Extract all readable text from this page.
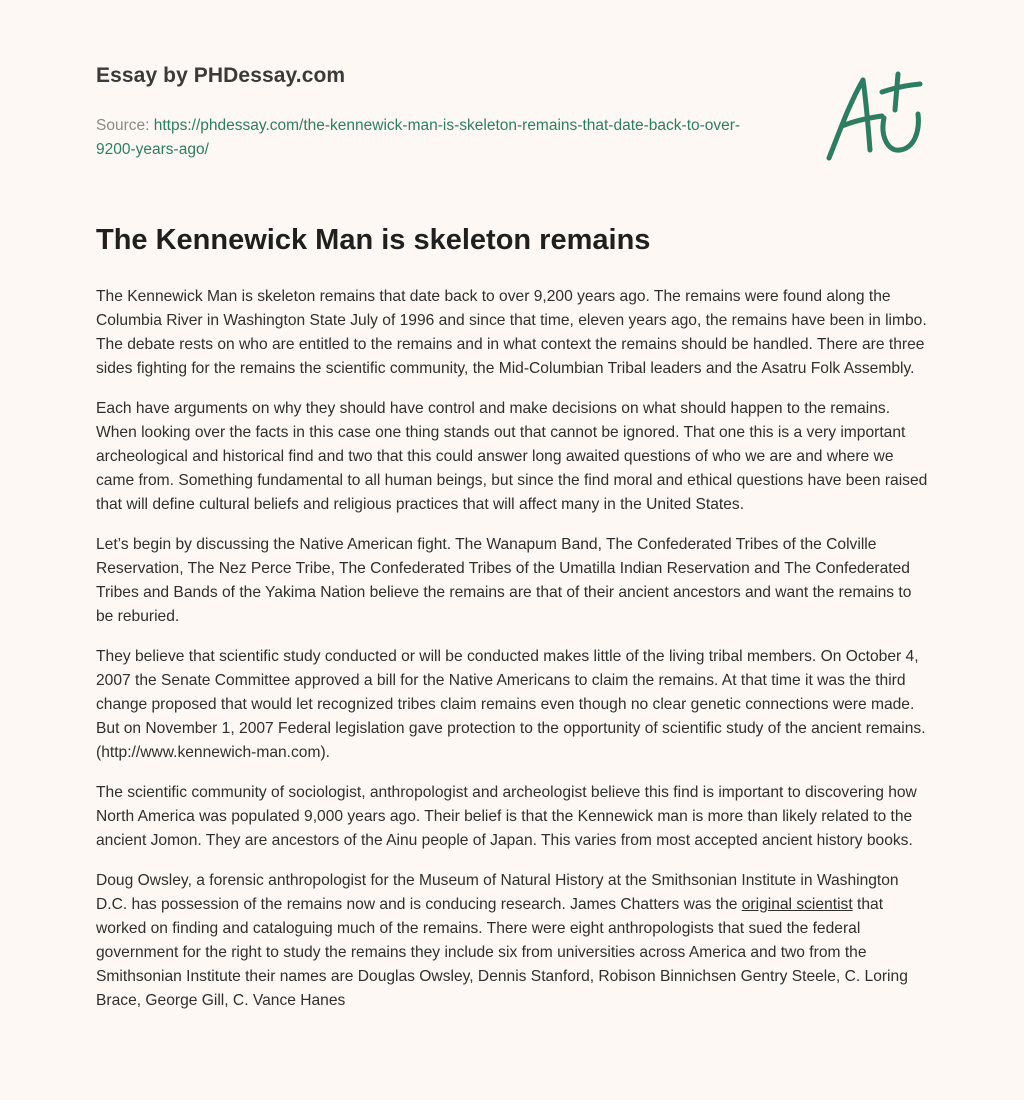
Essay by PHDessay.com
Source: https://phdessay.com/the-kennewick-man-is-skeleton-remains-that-date-back-to-over-9200-years-ago/
The Kennewick Man is skeleton remains

The Kennewick Man is skeleton remains that date back to over 9,200 years ago. The remains were found along the Columbia River in Washington State July of 1996 and since that time, eleven years ago, the remains have been in limbo. The debate rests on who are entitled to the remains and in what context the remains should be handled. There are three sides fighting for the remains the scientific community, the Mid-Columbian Tribal leaders and the Asatru Folk Assembly.

Each have arguments on why they should have control and make decisions on what should happen to the remains. When looking over the facts in this case one thing stands out that cannot be ignored. That one this is a very important archeological and historical find and two that this could answer long awaited questions of who we are and where we came from. Something fundamental to all human beings, but since the find moral and ethical questions have been raised that will define cultural beliefs and religious practices that will affect many in the United States.

Let’s begin by discussing the Native American fight. The Wanapum Band, The Confederated Tribes of the Colville Reservation, The Nez Perce Tribe, The Confederated Tribes of the Umatilla Indian Reservation and The Confederated Tribes and Bands of the Yakima Nation believe the remains are that of their ancient ancestors and want the remains to be reburied.

They believe that scientific study conducted or will be conducted makes little of the living tribal members. On October 4, 2007 the Senate Committee approved a bill for the Native Americans to claim the remains. At that time it was the third change proposed that would let recognized tribes claim remains even though no clear genetic connections were made. But on November 1, 2007 Federal legislation gave protection to the opportunity of scientific study of the ancient remains. (http://www.kennewich-man.com).

The scientific community of sociologist, anthropologist and archeologist believe this find is important to discovering how North America was populated 9,000 years ago. Their belief is that the Kennewick man is more than likely related to the ancient Jomon. They are ancestors of the Ainu people of Japan. This varies from most accepted ancient history books.

Doug Owsley, a forensic anthropologist for the Museum of Natural History at the Smithsonian Institute in Washington D.C. has possession of the remains now and is conducing research. James Chatters was the original scientist that worked on finding and cataloguing much of the remains. There were eight anthropologists that sued the federal government for the right to study the remains they include six from universities across America and two from the Smithsonian Institute their names are Douglas Owsley, Dennis Stanford, Robison Binnichsen Gentry Steele, C. Loring Brace, George Gill, C. Vance Hanes
